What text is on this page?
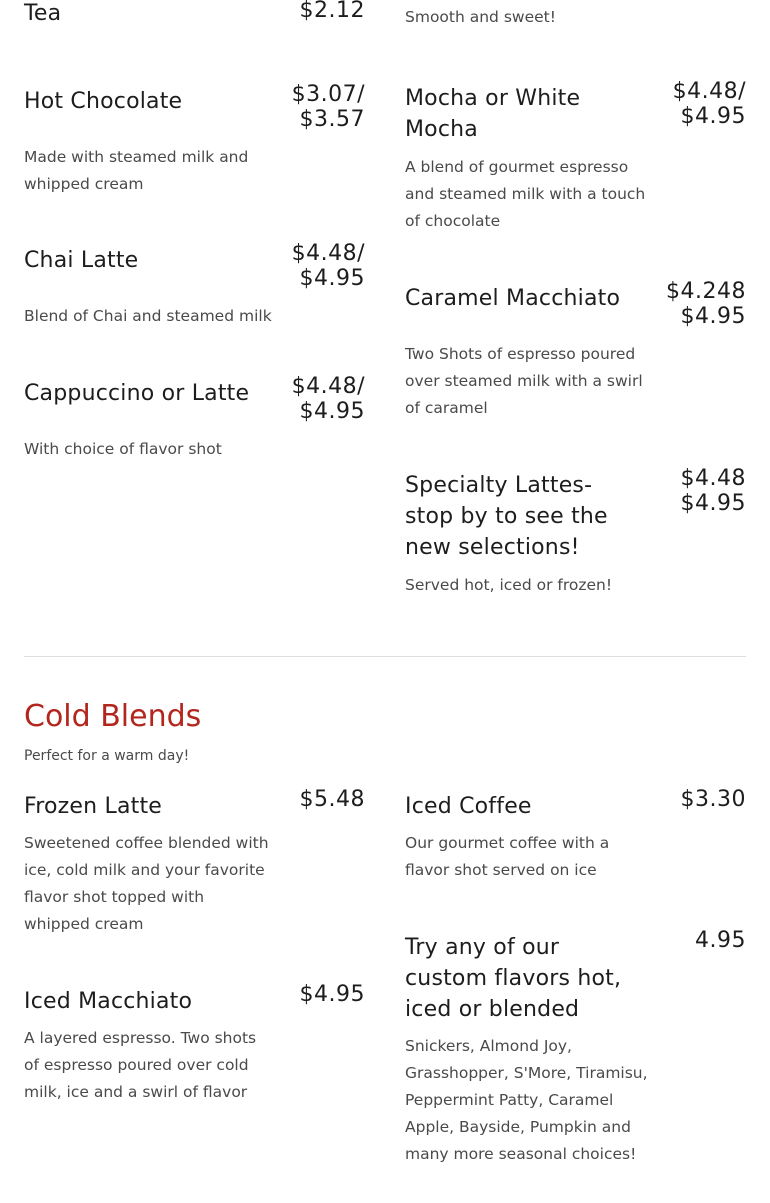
Tea	$2.12
Hot Chocolate	$3.07/$3.57
Made with steamed milk and whipped cream
Chai Latte	$4.48/$4.95
Blend of Chai and steamed milk
Cappuccino or Latte	$4.48/$4.95
With choice of flavor shot
Smooth and sweet!
Mocha or White Mocha
$4.48/$4.95
A blend of gourmet espresso and steamed milk with a touch of chocolate
Caramel Macchiato	$4.248$4.95
Two Shots of espresso poured over steamed milk with a swirl of caramel
Specialty Lattes- stop by to see the new selections!
$4.48$4.95
Served hot, iced or frozen!
Cold Blends
Perfect for a warm day!
Frozen Latte	$5.48
Sweetened coffee blended with ice, cold milk and your favorite flavor shot topped with whipped cream
Iced Macchiato	$4.95
A layered espresso. Two shots of espresso poured over cold milk, ice and a swirl of flavor
Iced Coffee	$3.30
Our gourmet coffee with a flavor shot served on ice
Try any of our custom flavors hot, iced or blended
4.95
Snickers, Almond Joy, Grasshopper, S'More, Tiramisu, Peppermint Patty, Caramel Apple, Bayside, Pumpkin and many more seasonal choices!
